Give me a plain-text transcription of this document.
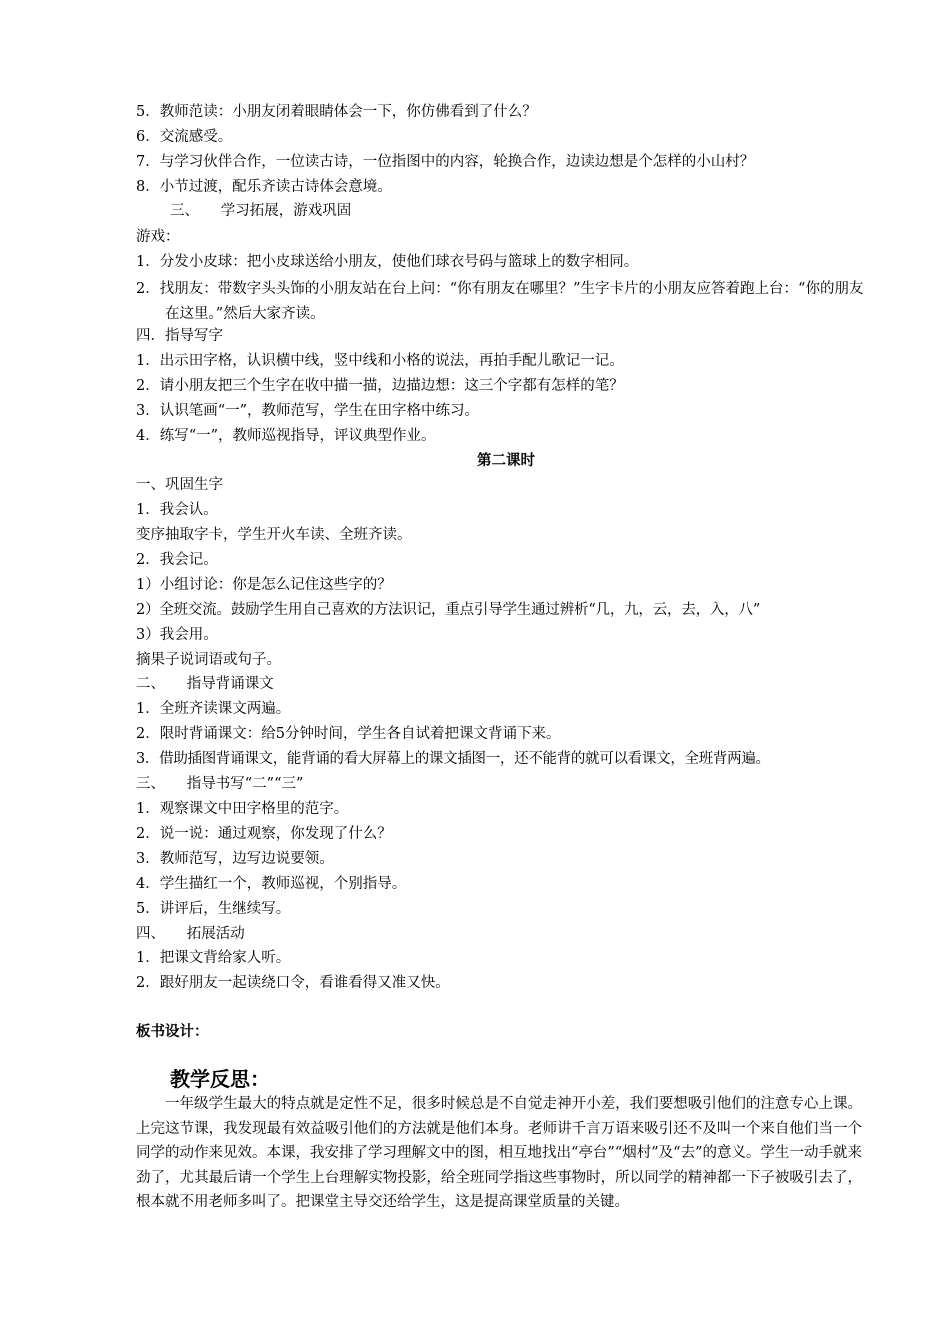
5．教师范读：小朋友闭着眼睛体会一下，你仿佛看到了什么？
6．交流感受。
7．与学习伙伴合作，一位读古诗，一位指图中的内容，轮换合作，边读边想是个怎样的小山村？
8．小节过渡，配乐齐读古诗体会意境。
三、　　学习拓展，游戏巩固
游戏：
1．分发小皮球：把小皮球送给小朋友，使他们球衣号码与篮球上的数字相同。
2．找朋友：带数字头头饰的小朋友站在台上问：“你有朋友在哪里？”生字卡片的小朋友应答着跑上台：“你的朋友在这里。”然后大家齐读。
四．指导写字
1．出示田字格，认识横中线，竖中线和小格的说法，再拍手配儿歌记一记。
2．请小朋友把三个生字在收中描一描，边描边想：这三个字都有怎样的笔？
3．认识笔画“一”，教师范写，学生在田字格中练习。
4．练写“一”，教师巡视指导，评议典型作业。
第二课时
一、巩固生字
1．我会认。
变序抽取字卡，学生开火车读、全班齐读。
2．我会记。
1）小组讨论：你是怎么记住这些字的？
2）全班交流。鼓励学生用自己喜欢的方法识记，重点引导学生通过辨析“几，九，云，去，入，八”
3）我会用。
摘果子说词语或句子。
二、　　指导背诵课文
1．全班齐读课文两遍。
2．限时背诵课文：给5分钟时间，学生各自试着把课文背诵下来。
3．借助插图背诵课文，能背诵的看大屏幕上的课文插图一，还不能背的就可以看课文，全班背两遍。
三、　　指导书写“二”“三”
1．观察课文中田字格里的范字。
2．说一说：通过观察，你发现了什么？
3．教师范写，边写边说要领。
4．学生描红一个，教师巡视，个别指导。
5．讲评后，生继续写。
四、　　拓展活动
1．把课文背给家人听。
2．跟好朋友一起读绕口令，看谁看得又准又快。
板书设计：
教学反思：
一年级学生最大的特点就是定性不足，很多时候总是不自觉走神开小差，我们要想吸引他们的注意专心上课。上完这节课，我发现最有效益吸引他们的方法就是他们本身。老师讲千言万语来吸引还不及叫一个来自他们当一个同学的动作来见效。本课，我安排了学习理解文中的图，相互地找出“亭台”“烟村”及“去”的意义。学生一动手就来劲了，尤其最后请一个学生上台理解实物投影，给全班同学指这些事物时，所以同学的精神都一下子被吸引去了，根本就不用老师多叫了。把课堂主导交还给学生，这是提高课堂质量的关键。
